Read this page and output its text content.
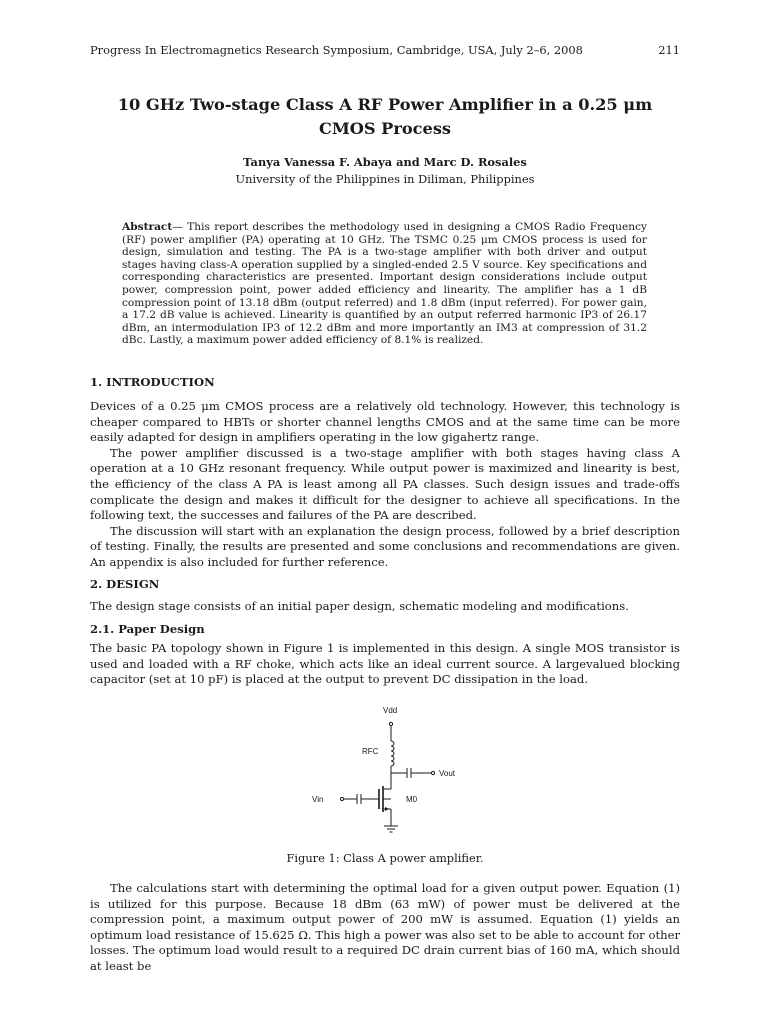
Progress In Electromagnetics Research Symposium, Cambridge, USA, July 2–6, 2008	211
10 GHz Two-stage Class A RF Power Amplifier in a 0.25 μm CMOS Process
Tanya Vanessa F. Abaya and Marc D. Rosales
University of the Philippines in Diliman, Philippines
Abstract— This report describes the methodology used in designing a CMOS Radio Frequency (RF) power amplifier (PA) operating at 10 GHz. The TSMC 0.25 μm CMOS process is used for design, simulation and testing. The PA is a two-stage amplifier with both driver and output stages having class-A operation supplied by a singled-ended 2.5 V source. Key specifications and corresponding characteristics are presented. Important design considerations include output power, compression point, power added efficiency and linearity. The amplifier has a 1 dB compression point of 13.18 dBm (output referred) and 1.8 dBm (input referred). For power gain, a 17.2 dB value is achieved. Linearity is quantified by an output referred harmonic IP3 of 26.17 dBm, an intermodulation IP3 of 12.2 dBm and more importantly an IM3 at compression of 31.2 dBc. Lastly, a maximum power added efficiency of 8.1% is realized.
1. INTRODUCTION

Devices of a 0.25 μm CMOS process are a relatively old technology. However, this technology is cheaper compared to HBTs or shorter channel lengths CMOS and at the same time can be more easily adapted for design in amplifiers operating in the low gigahertz range.

The power amplifier discussed is a two-stage amplifier with both stages having class A operation at a 10 GHz resonant frequency. While output power is maximized and linearity is best, the efficiency of the class A PA is least among all PA classes. Such design issues and trade-offs complicate the design and makes it difficult for the designer to achieve all specifications. In the following text, the successes and failures of the PA are described.

The discussion will start with an explanation the design process, followed by a brief description of testing. Finally, the results are presented and some conclusions and recommendations are given. An appendix is also included for further reference.

2. DESIGN

The design stage consists of an initial paper design, schematic modeling and modifications.

2.1. Paper Design

The basic PA topology shown in Figure 1 is implemented in this design. A single MOS transistor is used and loaded with a RF choke, which acts like an ideal current source. A largevalued blocking capacitor (set at 10 pF) is placed at the output to prevent DC dissipation in the load.

Vdd
RFC
Vout
Vin	M0
Figure 1: Class A power amplifier.

The calculations start with determining the optimal load for a given output power. Equation (1) is utilized for this purpose. Because 18 dBm (63 mW) of power must be delivered at the compression point, a maximum output power of 200 mW is assumed. Equation (1) yields an optimum load resistance of 15.625 Ω. This high a power was also set to be able to account for other losses. The optimum load would result to a required DC drain current bias of 160 mA, which should at least be
